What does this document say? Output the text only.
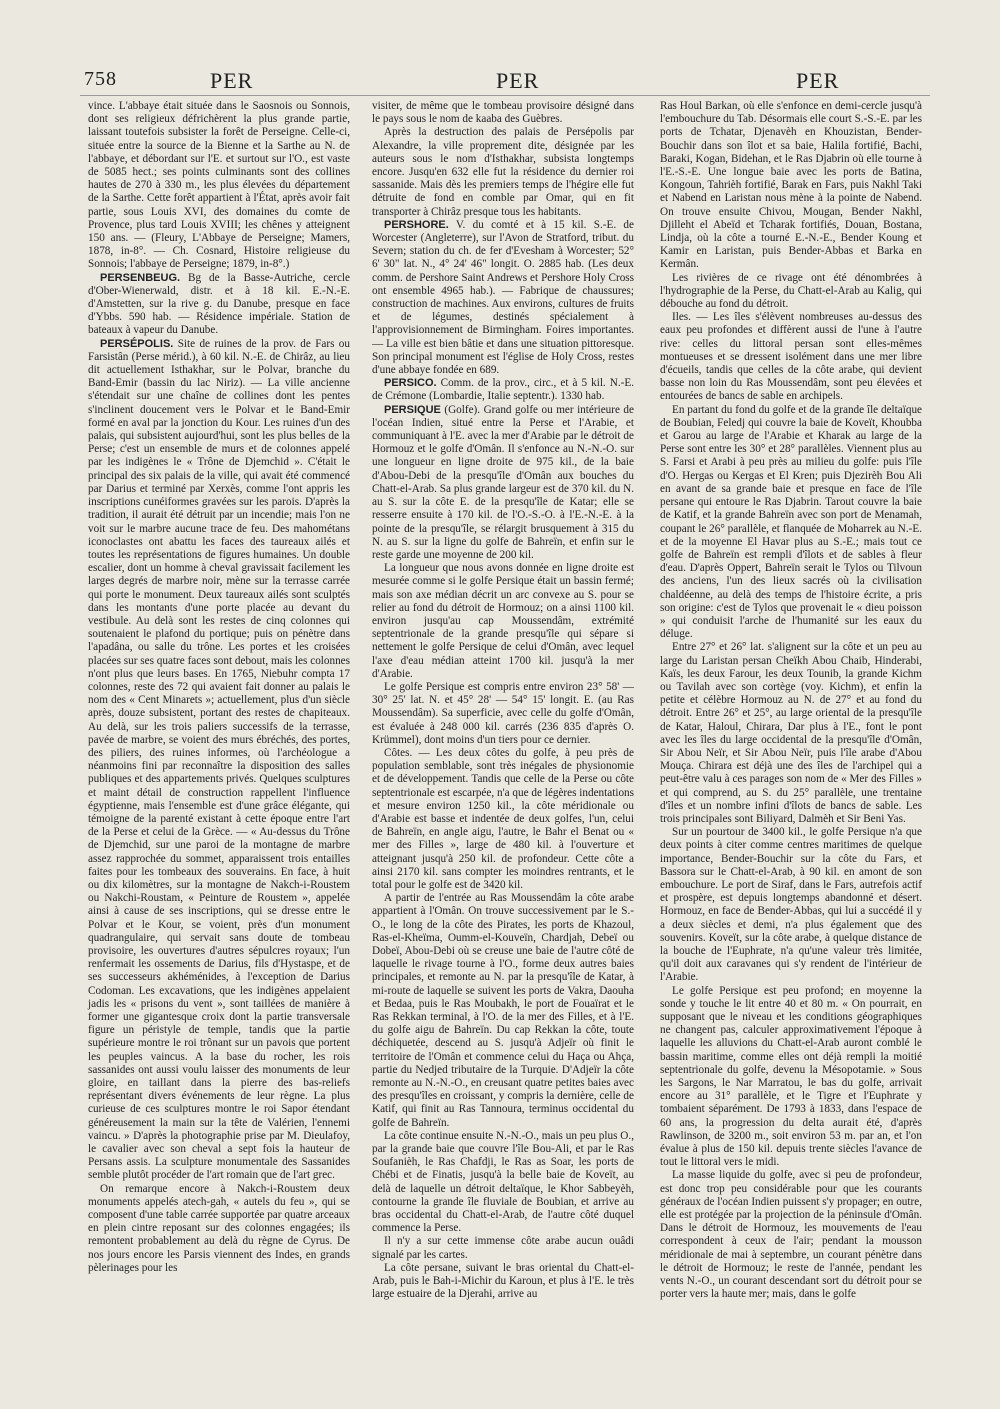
758	PER	PER	PER

vince. L'abbaye était située dans le Saosnois ou Sonnois, dont ses religieux défrichèrent la plus grande partie, laissant toutefois subsister la forêt de Perseigne. Celle-ci, située entre la source de la Bienne et la Sarthe au N. de l'abbaye, et débordant sur l'E. et surtout sur l'O., est vaste de 5085 hect.; ses points culminants sont des collines hautes de 270 à 330 m., les plus élevées du département de la Sarthe. Cette forêt appartient à l'État, après avoir fait partie, sous Louis XVI, des domaines du comte de Provence, plus tard Louis XVIII; les chênes y atteignent 150 ans. — (Fleury, L'Abbaye de Perseigne; Mamers, 1878, in-8°. — Ch. Cosnard, Histoire religieuse du Sonnois; l'abbaye de Perseigne; 1879, in-8°.)

PERSENBEUG. Bg de la Basse-Autriche, cercle d'Ober-Wienerwald, distr. et à 18 kil. E.-N.-E. d'Amstetten, sur la rive g. du Danube, presque en face d'Ybbs. 590 hab. — Résidence impériale. Station de bateaux à vapeur du Danube.

PERSÉPOLIS. Site de ruines de la prov. de Fars ou Farsistân (Perse mérid.), à 60 kil. N.-E. de Chirâz, au lieu dit actuellement Isthakhar, sur le Polvar, branche du Band-Emir (bassin du lac Niriz). — La ville ancienne s'étendait sur une chaîne de collines dont les pentes s'inclinent doucement vers le Polvar et le Band-Emir formé en aval par la jonction du Kour. Les ruines d'un des palais, qui subsistent aujourd'hui, sont les plus belles de la Perse; c'est un ensemble de murs et de colonnes appelé par les indigènes le « Trône de Djemchid ». C'était le principal des six palais de la ville, qui avait été commencé par Darius et terminé par Xerxès, comme l'ont appris les inscriptions cunéiformes gravées sur les parois. D'après la tradition, il aurait été détruit par un incendie; mais l'on ne voit sur le marbre aucune trace de feu. Des mahométans iconoclastes ont abattu les faces des taureaux ailés et toutes les représentations de figures humaines. Un double escalier, dont un homme à cheval gravissait facilement les larges degrés de marbre noir, mène sur la terrasse carrée qui porte le monument. Deux taureaux ailés sont sculptés dans les montants d'une porte placée au devant du vestibule. Au delà sont les restes de cinq colonnes qui soutenaient le plafond du portique; puis on pénètre dans l'apadâna, ou salle du trône. Les portes et les croisées placées sur ses quatre faces sont debout, mais les colonnes n'ont plus que leurs bases. En 1765, Niebuhr compta 17 colonnes, reste des 72 qui avaient fait donner au palais le nom des « Cent Minarets »; actuellement, plus d'un siècle après, douze subsistent, portant des restes de chapiteaux. Au delà, sur les trois paliers successifs de la terrasse, pavée de marbre, se voient des murs ébréchés, des portes, des piliers, des ruines informes, où l'archéologue a néanmoins fini par reconnaître la disposition des salles publiques et des appartements privés. Quelques sculptures et maint détail de construction rappellent l'influence égyptienne, mais l'ensemble est d'une grâce élégante, qui témoigne de la parenté existant à cette époque entre l'art de la Perse et celui de la Grèce. — « Au-dessus du Trône de Djemchid, sur une paroi de la montagne de marbre assez rapprochée du sommet, apparaissent trois entailles faites pour les tombeaux des souverains. En face, à huit ou dix kilomètres, sur la montagne de Nakch-i-Roustem ou Nakchi-Roustam, « Peinture de Roustem », appelée ainsi à cause de ses inscriptions, qui se dresse entre le Polvar et le Kour, se voient, près d'un monument quadrangulaire, qui servait sans doute de tombeau provisoire, les ouvertures d'autres sépulcres royaux; l'un renfermait les ossements de Darius, fils d'Hystaspe, et de ses successeurs akhéménides, à l'exception de Darius Codoman. Les excavations, que les indigènes appelaient jadis les « prisons du vent », sont taillées de manière à former une gigantesque croix dont la partie transversale figure un péristyle de temple, tandis que la partie supérieure montre le roi trônant sur un pavois que portent les peuples vaincus. A la base du rocher, les rois sassanides ont aussi voulu laisser des monuments de leur gloire, en taillant dans la pierre des bas-reliefs représentant divers événements de leur règne. La plus curieuse de ces sculptures montre le roi Sapor étendant généreusement la main sur la tête de Valérien, l'ennemi vaincu. » D'après la photographie prise par M. Dieulafoy, le cavalier avec son cheval a sept fois la hauteur de Persans assis. La sculpture monumentale des Sassanides semble plutôt procéder de l'art romain que de l'art grec.

On remarque encore à Nakch-i-Roustem deux monuments appelés atech-gah, « autels du feu », qui se composent d'une table carrée supportée par quatre arceaux en plein cintre reposant sur des colonnes engagées; ils remontent probablement au delà du règne de Cyrus. De nos jours encore les Parsis viennent des Indes, en grands pèlerinages pour les

visiter, de même que le tombeau provisoire désigné dans le pays sous le nom de kaaba des Guèbres.

Après la destruction des palais de Persépolis par Alexandre, la ville proprement dite, désignée par les auteurs sous le nom d'Isthakhar, subsista longtemps encore. Jusqu'en 632 elle fut la résidence du dernier roi sassanide. Mais dès les premiers temps de l'hégire elle fut détruite de fond en comble par Omar, qui en fit transporter à Chirâz presque tous les habitants.

PERSHORE. V. du comté et à 15 kil. S.-E. de Worcester (Angleterre), sur l'Avon de Stratford, tribut. du Severn; station du ch. de fer d'Evesham à Worcester; 52° 6' 30" lat. N., 4° 24' 46" longit. O. 2885 hab. (Les deux comm. de Pershore Saint Andrews et Pershore Holy Cross ont ensemble 4965 hab.). — Fabrique de chaussures; construction de machines. Aux environs, cultures de fruits et de légumes, destinés spécialement à l'approvisionnement de Birmingham. Foires importantes. — La ville est bien bâtie et dans une situation pittoresque. Son principal monument est l'église de Holy Cross, restes d'une abbaye fondée en 689.

PERSICO. Comm. de la prov., circ., et à 5 kil. N.-E. de Crémone (Lombardie, Italie septentr.). 1330 hab.

PERSIQUE (Golfe). Grand golfe ou mer intérieure de l'océan Indien, situé entre la Perse et l'Arabie, et communiquant à l'E. avec la mer d'Arabie par le détroit de Hormouz et le golfe d'Omân. Il s'enfonce au N.-N.-O. sur une longueur en ligne droite de 975 kil., de la baie d'Abou-Debi de la presqu'île d'Omân aux bouches du Chatt-el-Arab. Sa plus grande largeur est de 370 kil. du N. au S. sur la côte E. de la presqu'île de Katar; elle se resserre ensuite à 170 kil. de l'O.-S.-O. à l'E.-N.-E. à la pointe de la presqu'île, se rélargit brusquement à 315 du N. au S. sur la ligne du golfe de Bahreïn, et enfin sur le reste garde une moyenne de 200 kil.

La longueur que nous avons donnée en ligne droite est mesurée comme si le golfe Persique était un bassin fermé; mais son axe médian décrit un arc convexe au S. pour se relier au fond du détroit de Hormouz; on a ainsi 1100 kil. environ jusqu'au cap Moussendâm, extrémité septentrionale de la grande presqu'île qui sépare si nettement le golfe Persique de celui d'Omân, avec lequel l'axe d'eau médian atteint 1700 kil. jusqu'à la mer d'Arabie.

Le golfe Persique est compris entre environ 23° 58' — 30° 25' lat. N. et 45° 28' — 54° 15' longit. E. (au Ras Moussendâm). Sa superficie, avec celle du golfe d'Omân, est évaluée à 248 000 kil. carrés (236 835 d'après O. Krümmel), dont moins d'un tiers pour ce dernier.

Côtes. — Les deux côtes du golfe, à peu près de population semblable, sont très inégales de physionomie et de développement. Tandis que celle de la Perse ou côte septentrionale est escarpée, n'a que de légères indentations et mesure environ 1250 kil., la côte méridionale ou d'Arabie est basse et indentée de deux golfes, l'un, celui de Bahreïn, en angle aigu, l'autre, le Bahr el Benat ou « mer des Filles », large de 480 kil. à l'ouverture et atteignant jusqu'à 250 kil. de profondeur. Cette côte a ainsi 2170 kil. sans compter les moindres rentrants, et le total pour le golfe est de 3420 kil.

A partir de l'entrée au Ras Moussendâm la côte arabe appartient à l'Omân. On trouve successivement par le S.-O., le long de la côte des Pirates, les ports de Khazoul, Ras-el-Kheïma, Oumm-el-Kouveïn, Chardjah, Debeï ou Dobeï, Abou-Debi où se creuse une baie de l'autre côté de laquelle le rivage tourne à l'O., forme deux autres baies principales, et remonte au N. par la presqu'île de Katar, à mi-route de laquelle se suivent les ports de Vakra, Daouha et Bedaa, puis le Ras Moubakh, le port de Fouaïrat et le Ras Rekkan terminal, à l'O. de la mer des Filles, et à l'E. du golfe aigu de Bahreïn. Du cap Rekkan la côte, toute déchiquetée, descend au S. jusqu'à Adjeïr où finit le territoire de l'Omân et commence celui du Haça ou Ahça, partie du Nedjed tributaire de la Turquie. D'Adjeïr la côte remonte au N.-N.-O., en creusant quatre petites baies avec des presqu'îles en croissant, y compris la dernière, celle de Katif, qui finit au Ras Tannoura, terminus occidental du golfe de Bahreïn.

La côte continue ensuite N.-N.-O., mais un peu plus O., par la grande baie que couvre l'île Bou-Ali, et par le Ras Soufanièh, le Ras Chafdji, le Ras as Soar, les ports de Chébi et de Finatis, jusqu'à la belle baie de Koveït, au delà de laquelle un détroit deltaïque, le Khor Sabbeyèh, contourne la grande île fluviale de Boubian, et arrive au bras occidental du Chatt-el-Arab, de l'autre côté duquel commence la Perse.

Il n'y a sur cette immense côte arabe aucun ouâdi signalé par les cartes.

La côte persane, suivant le bras oriental du Chatt-el-Arab, puis le Bah-i-Michir du Karoun, et plus à l'E. le très large estuaire de la Djerahi, arrive au

Ras Houl Barkan, où elle s'enfonce en demi-cercle jusqu'à l'embouchure du Tab. Désormais elle court S.-S.-E. par les ports de Tchatar, Djenavèh en Khouzistan, Bender-Bouchir dans son îlot et sa baie, Halila fortifié, Bachi, Baraki, Kogan, Bidehan, et le Ras Djabrin où elle tourne à l'E.-S.-E. Une longue baie avec les ports de Batina, Kongoun, Tahrièh fortifié, Barak en Fars, puis Nakhl Taki et Nabend en Laristan nous mène à la pointe de Nabend. On trouve ensuite Chivou, Mougan, Bender Nakhl, Djilleht el Abeïd et Tcharak fortifiés, Douan, Bostana, Lindja, où la côte a tourné E.-N.-E., Bender Koung et Kamir en Laristan, puis Bender-Abbas et Barka en Kermân.

Les rivières de ce rivage ont été dénombrées à l'hydrographie de la Perse, du Chatt-el-Arab au Kalig, qui débouche au fond du détroit.

Iles. — Les îles s'élèvent nombreuses au-dessus des eaux peu profondes et diffèrent aussi de l'une à l'autre rive: celles du littoral persan sont elles-mêmes montueuses et se dressent isolément dans une mer libre d'écueils, tandis que celles de la côte arabe, qui devient basse non loin du Ras Moussendâm, sont peu élevées et entourées de bancs de sable en archipels.

En partant du fond du golfe et de la grande île deltaïque de Boubian, Feledj qui couvre la baie de Koveït, Khoubba et Garou au large de l'Arabie et Kharak au large de la Perse sont entre les 30° et 28° parallèles. Viennent plus au S. Farsi et Arabi à peu près au milieu du golfe: puis l'île d'O. Hergas ou Kergas et El Kren; puis Djezirèh Bou Ali en avant de sa grande baie et presque en face de l'île persane qui entoure le Ras Djabrin. Tarout couvre la baie de Katif, et la grande Bahreïn avec son port de Menamah, coupant le 26° parallèle, et flanquée de Moharrek au N.-E. et de la moyenne El Havar plus au S.-E.; mais tout ce golfe de Bahreïn est rempli d'îlots et de sables à fleur d'eau. D'après Oppert, Bahreïn serait le Tylos ou Tilvoun des anciens, l'un des lieux sacrés où la civilisation chaldéenne, au delà des temps de l'histoire écrite, a pris son origine: c'est de Tylos que provenait le « dieu poisson » qui conduisit l'arche de l'humanité sur les eaux du déluge.

Entre 27° et 26° lat. s'alignent sur la côte et un peu au large du Laristan persan Cheïkh Abou Chaib, Hinderabi, Kaïs, les deux Farour, les deux Tounib, la grande Kichm ou Tavilah avec son cortège (voy. Kichm), et enfin la petite et célèbre Hormouz au N. de 27° et au fond du détroit. Entre 26° et 25°, au large oriental de la presqu'île de Katar, Haloul, Chirara, Dar plus à l'E., font le pont avec les îles du large occidental de la presqu'île d'Omân, Sir Abou Neïr, et Sir Abou Neïr, puis l'île arabe d'Abou Mouça. Chirara est déjà une des îles de l'archipel qui a peut-être valu à ces parages son nom de « Mer des Filles » et qui comprend, au S. du 25° parallèle, une trentaine d'îles et un nombre infini d'îlots de bancs de sable. Les trois principales sont Biliyard, Dalmèh et Sir Beni Yas.

Sur un pourtour de 3400 kil., le golfe Persique n'a que deux points à citer comme centres maritimes de quelque importance, Bender-Bouchir sur la côte du Fars, et Bassora sur le Chatt-el-Arab, à 90 kil. en amont de son embouchure. Le port de Siraf, dans le Fars, autrefois actif et prospère, est depuis longtemps abandonné et désert. Hormouz, en face de Bender-Abbas, qui lui a succédé il y a deux siècles et demi, n'a plus également que des souvenirs. Koveït, sur la côte arabe, à quelque distance de la bouche de l'Euphrate, n'a qu'une valeur très limitée, qu'il doit aux caravanes qui s'y rendent de l'intérieur de l'Arabie.

Le golfe Persique est peu profond; en moyenne la sonde y touche le lit entre 40 et 80 m. « On pourrait, en supposant que le niveau et les conditions géographiques ne changent pas, calculer approximativement l'époque à laquelle les alluvions du Chatt-el-Arab auront comblé le bassin maritime, comme elles ont déjà rempli la moitié septentrionale du golfe, devenu la Mésopotamie. » Sous les Sargons, le Nar Marratou, le bas du golfe, arrivait encore au 31° parallèle, et le Tigre et l'Euphrate y tombaient séparément. De 1793 à 1833, dans l'espace de 60 ans, la progression du delta aurait été, d'après Rawlinson, de 3200 m., soit environ 53 m. par an, et l'on évalue à plus de 150 kil. depuis trente siècles l'avance de tout le littoral vers le midi.

La masse liquide du golfe, avec si peu de profondeur, est donc trop peu considérable pour que les courants généraux de l'océan Indien puissent s'y propager; en outre, elle est protégée par la projection de la péninsule d'Omân. Dans le détroit de Hormouz, les mouvements de l'eau correspondent à ceux de l'air; pendant la mousson méridionale de mai à septembre, un courant pénètre dans le détroit de Hormouz; le reste de l'année, pendant les vents N.-O., un courant descendant sort du détroit pour se porter vers la haute mer; mais, dans le golfe
